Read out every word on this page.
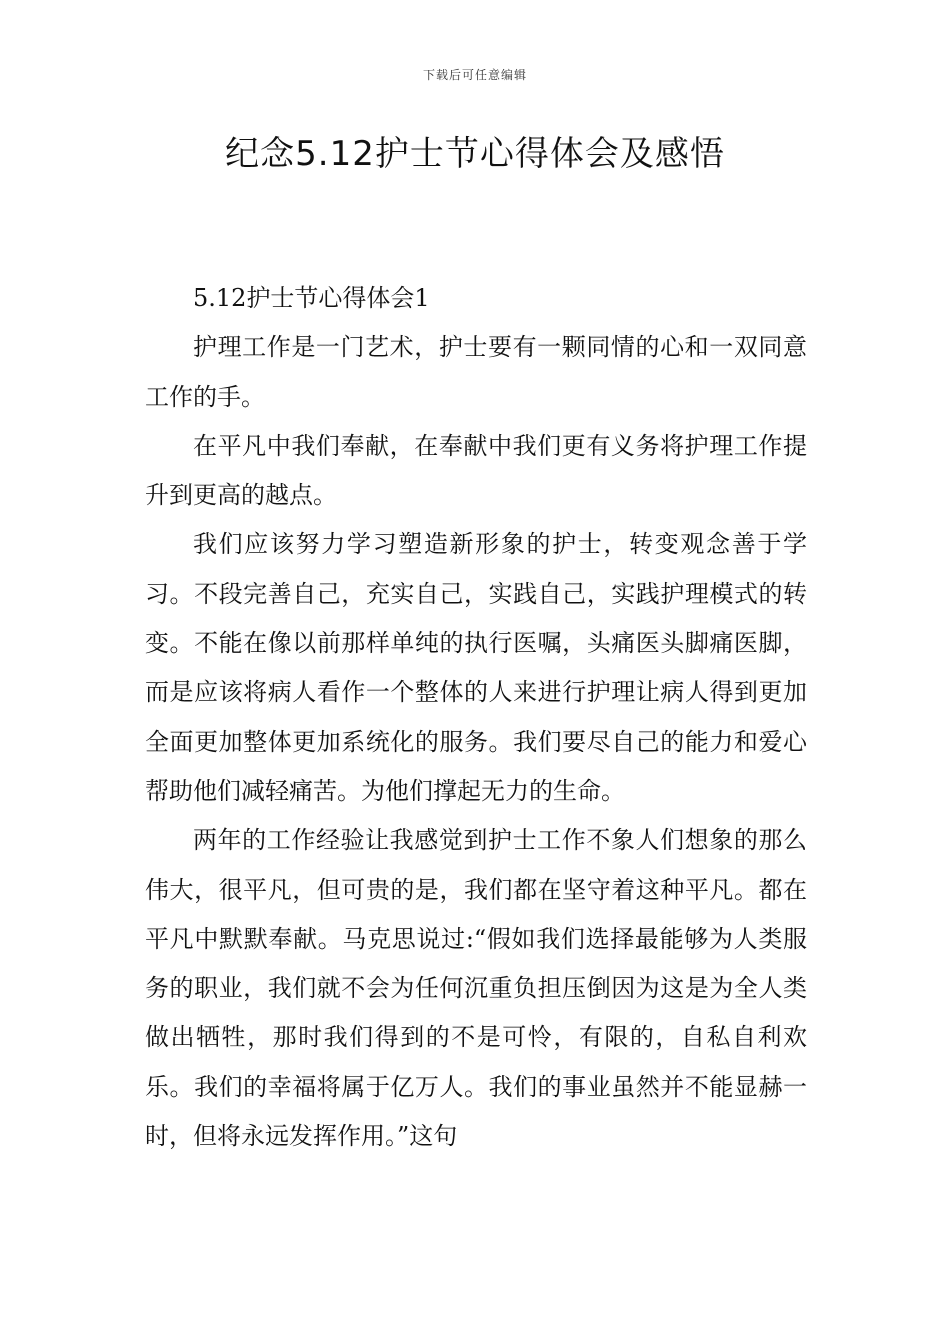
下载后可任意编辑
纪念5.12护士节心得体会及感悟

5.12护士节心得体会1

护理工作是一门艺术，护士要有一颗同情的心和一双同意工作的手。

在平凡中我们奉献，在奉献中我们更有义务将护理工作提升到更高的越点。

我们应该努力学习塑造新形象的护士，转变观念善于学习。不段完善自己，充实自己，实践自己，实践护理模式的转变。不能在像以前那样单纯的执行医嘱，头痛医头脚痛医脚，而是应该将病人看作一个整体的人来进行护理让病人得到更加全面更加整体更加系统化的服务。我们要尽自己的能力和爱心帮助他们减轻痛苦。为他们撑起无力的生命。

两年的工作经验让我感觉到护士工作不象人们想象的那么伟大，很平凡，但可贵的是，我们都在坚守着这种平凡。都在平凡中默默奉献。马克思说过:“假如我们选择最能够为人类服务的职业，我们就不会为任何沉重负担压倒因为这是为全人类做出牺牲，那时我们得到的不是可怜，有限的，自私自利欢乐。我们的幸福将属于亿万人。我们的事业虽然并不能显赫一时，但将永远发挥作用。”这句
